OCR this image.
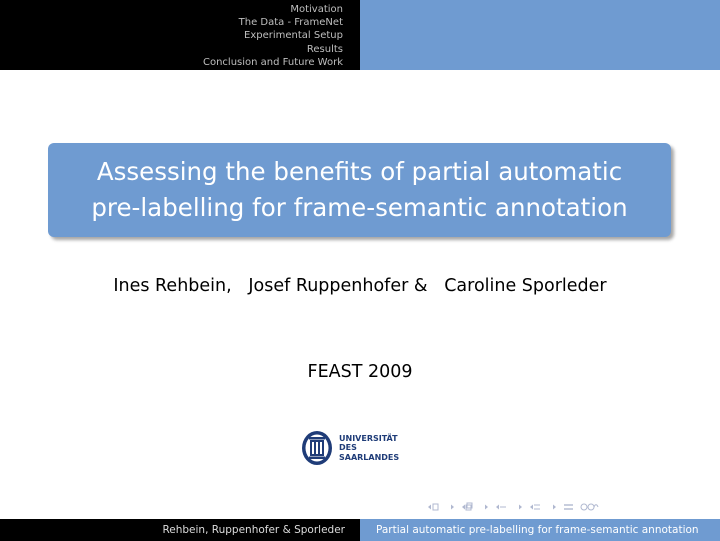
Motivation
The Data - FrameNet
Experimental Setup
Results
Conclusion and Future Work
Assessing the benefits of partial automatic
pre-labelling for frame-semantic annotation
Ines Rehbein,   Josef Ruppenhofer &   Caroline Sporleder
FEAST 2009
UNIVERSITÄT
DES
SAARLANDES
Rehbein, Ruppenhofer & Sporleder	Partial automatic pre-labelling for frame-semantic annotation
